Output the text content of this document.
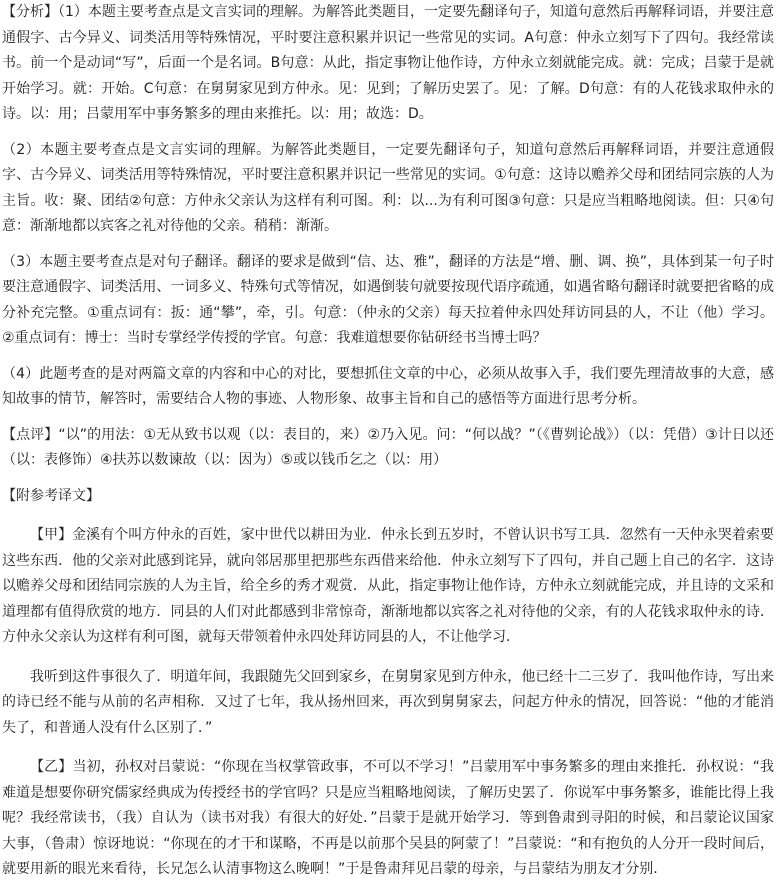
【分析】（1）本题主要考查点是文言实词的理解。为解答此类题目，一定要先翻译句子，知道句意然后再解释词语，并要注意通假字、古今异义、词类活用等特殊情况，平时要注意积累并识记一些常见的实词。A句意：仲永立刻写下了四句。我经常读书。前一个是动词“写”，后面一个是名词。B句意：从此，指定事物让他作诗，方仲永立刻就能完成。就：完成；吕蒙于是就开始学习。就：开始。C句意：在舅舅家见到方仲永。见：见到；了解历史罢了。见：了解。D句意：有的人花钱求取仲永的诗。以：用；吕蒙用军中事务繁多的理由来推托。以：用；故选：D。

（2）本题主要考查点是文言实词的理解。为解答此类题目，一定要先翻译句子，知道句意然后再解释词语，并要注意通假字、古今异义、词类活用等特殊情况，平时要注意积累并识记一些常见的实词。①句意：这诗以赡养父母和团结同宗族的人为主旨。收：聚、团结②句意：方仲永父亲认为这样有利可图。利：以...为有利可图③句意：只是应当粗略地阅读。但：只④句意：渐渐地都以宾客之礼对待他的父亲。稍稍：渐渐。

（3）本题主要考查点是对句子翻译。翻译的要求是做到“信、达、雅”，翻译的方法是“增、删、调、换”，具体到某一句子时要注意通假字、词类活用、一词多义、特殊句式等情况，如遇倒装句就要按现代语序疏通，如遇省略句翻译时就要把省略的成分补充完整。①重点词有：扳：通“攀”，牵，引。句意：（仲永的父亲）每天拉着仲永四处拜访同县的人，不让（他）学习。②重点词有：博士：当时专掌经学传授的学官。句意：我难道想要你钻研经书当博士吗？

（4）此题考查的是对两篇文章的内容和中心的对比，要想抓住文章的中心，必须从故事入手，我们要先理清故事的大意，感知故事的情节，解答时，需要结合人物的事迹、人物形象、故事主旨和自己的感悟等方面进行思考分析。

【点评】“以”的用法：①无从致书以观（以：表目的，来）②乃入见。问：“何以战？”（《曹刿论战》）（以：凭借）③计日以还（以：表修饰）④扶苏以数谏故（以：因为）⑤或以钱币乞之（以：用）

【附参考译文】

【甲】金溪有个叫方仲永的百姓，家中世代以耕田为业．仲永长到五岁时，不曾认识书写工具．忽然有一天仲永哭着索要这些东西．他的父亲对此感到诧异，就向邻居那里把那些东西借来给他．仲永立刻写下了四句，并自己题上自己的名字．这诗以赡养父母和团结同宗族的人为主旨，给全乡的秀才观赏．从此，指定事物让他作诗，方仲永立刻就能完成，并且诗的文采和道理都有值得欣赏的地方．同县的人们对此都感到非常惊奇，渐渐地都以宾客之礼对待他的父亲，有的人花钱求取仲永的诗．方仲永父亲认为这样有利可图，就每天带领着仲永四处拜访同县的人，不让他学习．

我听到这件事很久了．明道年间，我跟随先父回到家乡，在舅舅家见到方仲永，他已经十二三岁了．我叫他作诗，写出来的诗已经不能与从前的名声相称．又过了七年，我从扬州回来，再次到舅舅家去，问起方仲永的情况，回答说：“他的才能消失了，和普通人没有什么区别了．”

【乙】当初，孙权对吕蒙说：“你现在当权掌管政事，不可以不学习！”吕蒙用军中事务繁多的理由来推托．孙权说：“我难道是想要你研究儒家经典成为传授经书的学官吗？只是应当粗略地阅读，了解历史罢了．你说军中事务繁多，谁能比得上我呢？我经常读书，（我）自认为（读书对我）有很大的好处．”吕蒙于是就开始学习．等到鲁肃到寻阳的时候，和吕蒙论议国家大事，（鲁肃）惊讶地说：“你现在的才干和谋略，不再是以前那个吴县的阿蒙了！”吕蒙说：“和有抱负的人分开一段时间后，就要用新的眼光来看待，长兄怎么认清事物这么晚啊！”于是鲁肃拜见吕蒙的母亲，与吕蒙结为朋友才分别．
